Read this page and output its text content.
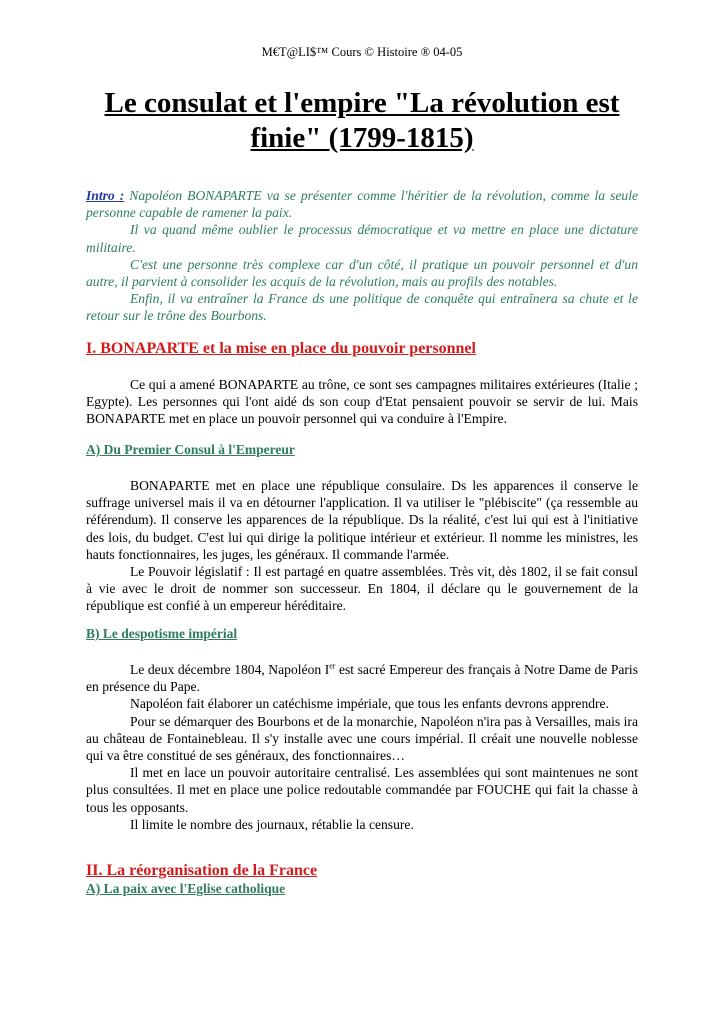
M€T@LI$™ Cours © Histoire ® 04-05
Le consulat et l'empire "La révolution est
finie" (1799-1815)

Intro : Napoléon BONAPARTE va se présenter comme l'héritier de la révolution, comme la seule personne capable de ramener la paix.

Il va quand même oublier le processus démocratique et va mettre en place une dictature militaire.

C'est une personne très complexe car d'un côté, il pratique un pouvoir personnel et d'un autre, il parvient à consolider les acquis de la révolution, mais au profils des notables.

Enfin, il va entraîner la France ds une politique de conquête qui entraînera sa chute et le retour sur le trône des Bourbons.

I. BONAPARTE et la mise en place du pouvoir personnel

Ce qui a amené BONAPARTE au trône, ce sont ses campagnes militaires extérieures (Italie ; Egypte). Les personnes qui l'ont aidé ds son coup d'Etat pensaient pouvoir se servir de lui. Mais BONAPARTE met en place un pouvoir personnel qui va conduire à l'Empire.

A) Du Premier Consul à l'Empereur

BONAPARTE met en place une république consulaire. Ds les apparences il conserve le suffrage universel mais il va en détourner l'application. Il va utiliser le "plébiscite" (ça ressemble au référendum). Il conserve les apparences de la république. Ds la réalité, c'est lui qui est à l'initiative des lois, du budget. C'est lui qui dirige la politique intérieur et extérieur. Il nomme les ministres, les hauts fonctionnaires, les juges, les généraux. Il commande l'armée.

Le Pouvoir législatif : Il est partagé en quatre assemblées. Très vit, dès 1802, il se fait consul à vie avec le droit de nommer son successeur. En 1804, il déclare qu le gouvernement de la république est confié à un empereur héréditaire.

B) Le despotisme impérial

Le deux décembre 1804, Napoléon Ier est sacré Empereur des français à Notre Dame de Paris en présence du Pape.

Napoléon fait élaborer un catéchisme impériale, que tous les enfants devrons apprendre.

Pour se démarquer des Bourbons et de la monarchie, Napoléon n'ira pas à Versailles, mais ira au château de Fontainebleau. Il s'y installe avec une cours impérial. Il créait une nouvelle noblesse qui va être constitué de ses généraux, des fonctionnaires…

Il met en lace un pouvoir autoritaire centralisé. Les assemblées qui sont maintenues ne sont plus consultées. Il met en place une police redoutable commandée par FOUCHE qui fait la chasse à tous les opposants.

Il limite le nombre des journaux, rétablie la censure.

II. La réorganisation de la France
A) La paix avec l'Eglise catholique
